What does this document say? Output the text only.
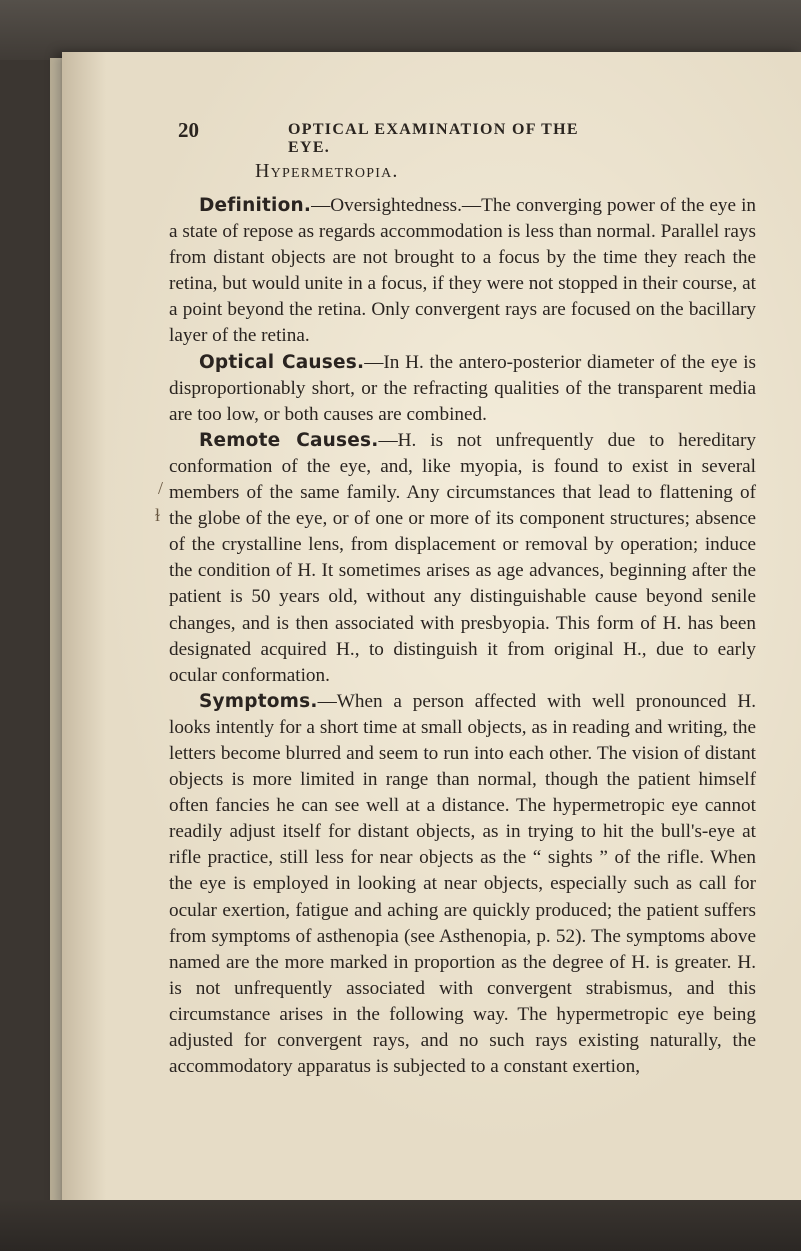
20	OPTICAL EXAMINATION OF THE EYE.
Hypermetropia.

Definition.—Oversightedness.—The converging power of the eye in a state of repose as regards accommodation is less than normal. Parallel rays from distant objects are not brought to a focus by the time they reach the retina, but would unite in a focus, if they were not stopped in their course, at a point beyond the retina. Only convergent rays are focused on the bacillary layer of the retina.

Optical Causes.—In H. the antero-posterior diameter of the eye is disproportionably short, or the refracting qualities of the transparent media are too low, or both causes are combined.

Remote Causes.—H. is not unfrequently due to hereditary conformation of the eye, and, like myopia, is found to exist in several members of the same family. Any circumstances that lead to flattening of the globe of the eye, or of one or more of its component structures; absence of the crystalline lens, from displacement or removal by operation; induce the condition of H. It sometimes arises as age advances, beginning after the patient is 50 years old, without any distinguishable cause beyond senile changes, and is then associated with presbyopia. This form of H. has been designated acquired H., to distinguish it from original H., due to early ocular conformation.

Symptoms.—When a person affected with well pronounced H. looks intently for a short time at small objects, as in reading and writing, the letters become blurred and seem to run into each other. The vision of distant objects is more limited in range than normal, though the patient himself often fancies he can see well at a distance. The hypermetropic eye cannot readily adjust itself for distant objects, as in trying to hit the bull's-eye at rifle practice, still less for near objects as the “ sights ” of the rifle. When the eye is employed in looking at near objects, especially such as call for ocular exertion, fatigue and aching are quickly produced; the patient suffers from symptoms of asthenopia (see Asthenopia, p. 52). The symptoms above named are the more marked in proportion as the degree of H. is greater. H. is not unfrequently associated with convergent strabismus, and this circumstance arises in the following way. The hypermetropic eye being adjusted for convergent rays, and no such rays existing naturally, the accommodatory apparatus is subjected to a constant exertion,

/
ɫ
